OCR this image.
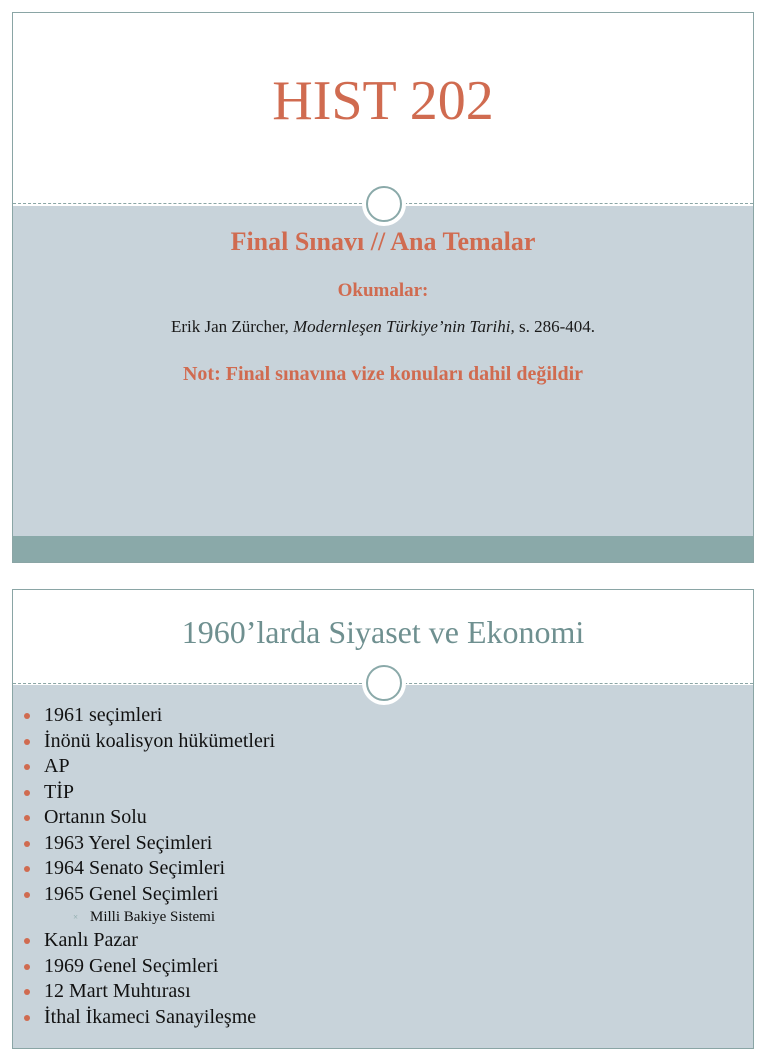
HIST 202
Final Sınavı // Ana Temalar
Okumalar:
Erik Jan Zürcher, Modernleşen Türkiye’nin Tarihi, s. 286-404.
Not: Final sınavına vize konuları dahil değildir
1960’larda Siyaset ve Ekonomi
1961 seçimleri
İnönü koalisyon hükümetleri
AP
TİP
Ortanın Solu
1963 Yerel Seçimleri
1964 Senato Seçimleri
1965 Genel Seçimleri
× Milli Bakiye Sistemi
Kanlı Pazar
1969 Genel Seçimleri
12 Mart Muhtırası
İthal İkameci Sanayileşme
